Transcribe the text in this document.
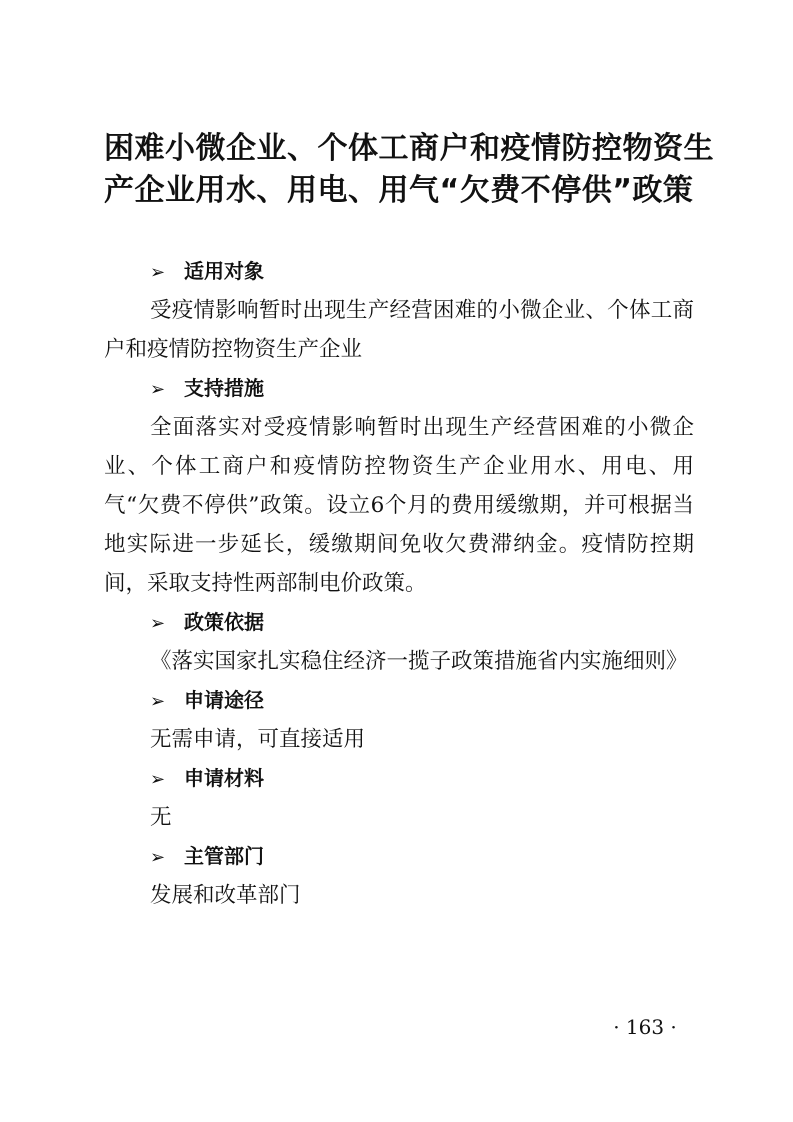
困难小微企业、个体工商户和疫情防控物资生
产企业用水、用电、用气“欠费不停供”政策
➢ 适用对象

受疫情影响暂时出现生产经营困难的小微企业、个体工商户和疫情防控物资生产企业

➢ 支持措施

全面落实对受疫情影响暂时出现生产经营困难的小微企业、个体工商户和疫情防控物资生产企业用水、用电、用气“欠费不停供”政策。设立6个月的费用缓缴期，并可根据当地实际进一步延长，缓缴期间免收欠费滞纳金。疫情防控期间，采取支持性两部制电价政策。

➢ 政策依据

《落实国家扎实稳住经济一揽子政策措施省内实施细则》

➢ 申请途径

无需申请，可直接适用

➢ 申请材料

无

➢ 主管部门

发展和改革部门

· 163 ·
